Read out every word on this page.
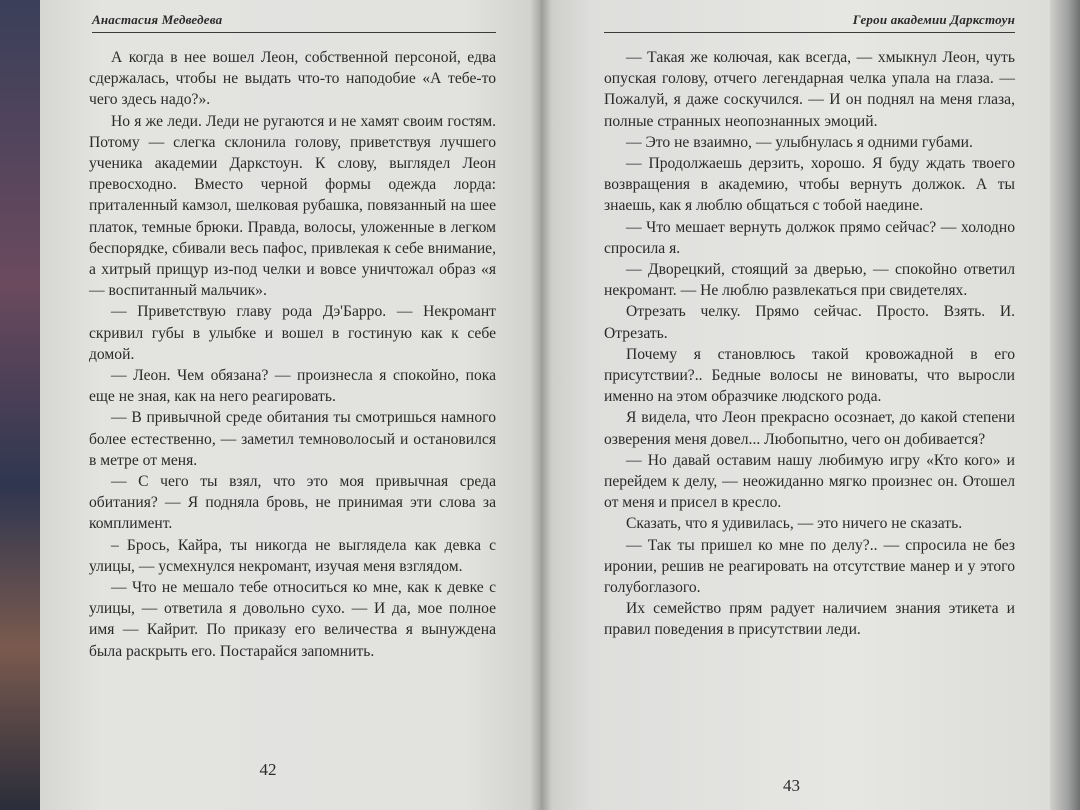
Анастасия Медведева

А когда в нее вошел Леон, собственной персоной, едва сдержалась, чтобы не выдать что-то наподобие «А тебе-то чего здесь надо?».

Но я же леди. Леди не ругаются и не хамят своим гостям. Потому — слегка склонила голову, приветствуя лучшего ученика академии Даркстоун. К слову, выглядел Леон превосходно. Вместо черной формы одежда лорда: приталенный камзол, шелковая рубашка, повязанный на шее платок, темные брюки. Правда, волосы, уложенные в легком беспорядке, сбивали весь пафос, привлекая к себе внимание, а хитрый прищур из-под челки и вовсе уничтожал образ «я — воспитанный мальчик».

— Приветствую главу рода Дэ'Барро. — Некромант скривил губы в улыбке и вошел в гостиную как к себе домой.

— Леон. Чем обязана? — произнесла я спокойно, пока еще не зная, как на него реагировать.

— В привычной среде обитания ты смотришься намного более естественно, — заметил темноволосый и остановился в метре от меня.

— С чего ты взял, что это моя привычная среда обитания? — Я подняла бровь, не принимая эти слова за комплимент.

– Брось, Кайра, ты никогда не выглядела как девка с улицы, — усмехнулся некромант, изучая меня взглядом.

— Что не мешало тебе относиться ко мне, как к девке с улицы, — ответила я довольно сухо. — И да, мое полное имя — Кайрит. По приказу его величества я вынуждена была раскрыть его. Постарайся запомнить.

42
Герои академии Даркстоун

— Такая же колючая, как всегда, — хмыкнул Леон, чуть опуская голову, отчего легендарная челка упала на глаза. — Пожалуй, я даже соскучился. — И он поднял на меня глаза, полные странных неопознанных эмоций.

— Это не взаимно, — улыбнулась я одними губами.

— Продолжаешь дерзить, хорошо. Я буду ждать твоего возвращения в академию, чтобы вернуть должок. А ты знаешь, как я люблю общаться с тобой наедине.

— Что мешает вернуть должок прямо сейчас? — холодно спросила я.

— Дворецкий, стоящий за дверью, — спокойно ответил некромант. — Не люблю развлекаться при свидетелях.

Отрезать челку. Прямо сейчас. Просто. Взять. И. Отрезать.

Почему я становлюсь такой кровожадной в его присутствии?.. Бедные волосы не виноваты, что выросли именно на этом образчике людского рода.

Я видела, что Леон прекрасно осознает, до какой степени озверения меня довел... Любопытно, чего он добивается?

— Но давай оставим нашу любимую игру «Кто кого» и перейдем к делу, — неожиданно мягко произнес он. Отошел от меня и присел в кресло.

Сказать, что я удивилась, — это ничего не сказать.

— Так ты пришел ко мне по делу?.. — спросила не без иронии, решив не реагировать на отсутствие манер и у этого голубоглазого.

Их семейство прям радует наличием знания этикета и правил поведения в присутствии леди.

43
